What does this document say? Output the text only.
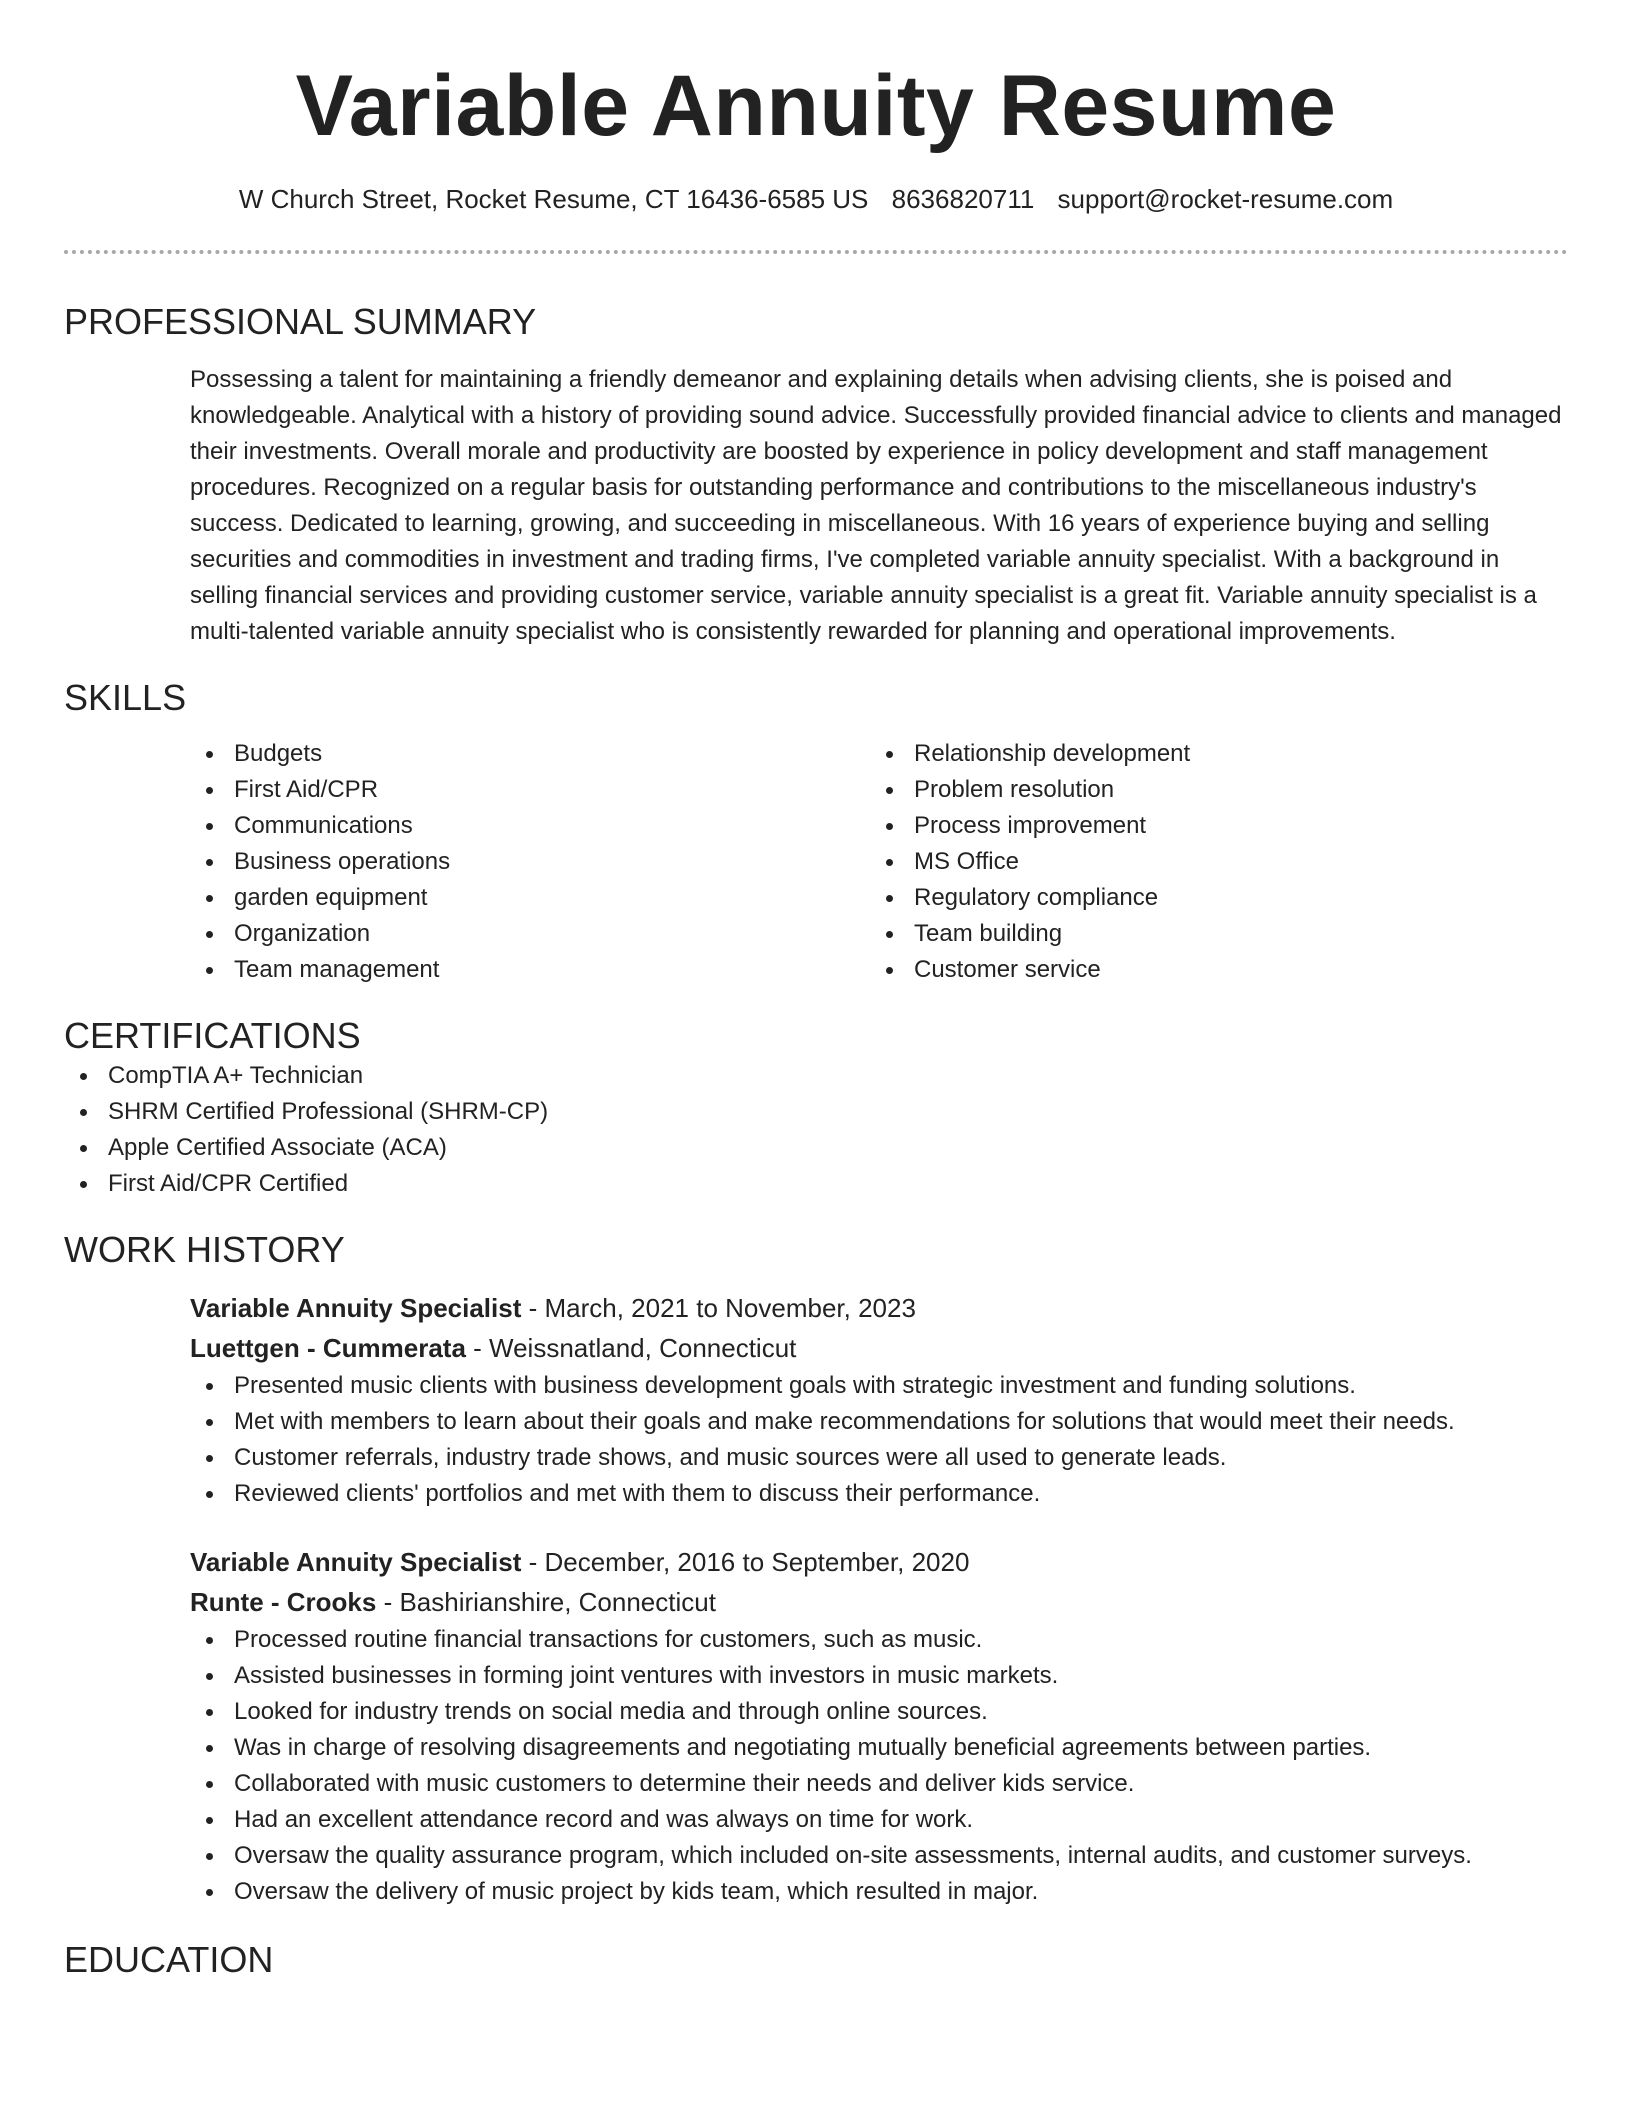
Variable Annuity Resume
W Church Street, Rocket Resume, CT 16436-6585 US 8636820711 support@rocket-resume.com
PROFESSIONAL SUMMARY

Possessing a talent for maintaining a friendly demeanor and explaining details when advising clients, she is poised and knowledgeable. Analytical with a history of providing sound advice. Successfully provided financial advice to clients and managed their investments. Overall morale and productivity are boosted by experience in policy development and staff management procedures. Recognized on a regular basis for outstanding performance and contributions to the miscellaneous industry's success. Dedicated to learning, growing, and succeeding in miscellaneous. With 16 years of experience buying and selling securities and commodities in investment and trading firms, I've completed variable annuity specialist. With a background in selling financial services and providing customer service, variable annuity specialist is a great fit. Variable annuity specialist is a multi-talented variable annuity specialist who is consistently rewarded for planning and operational improvements.

SKILLS
Budgets
First Aid/CPR
Communications
Business operations
garden equipment
Organization
Team management
Relationship development
Problem resolution
Process improvement
MS Office
Regulatory compliance
Team building
Customer service
CERTIFICATIONS
CompTIA A+ Technician
SHRM Certified Professional (SHRM-CP)
Apple Certified Associate (ACA)
First Aid/CPR Certified
WORK HISTORY
Variable Annuity Specialist - March, 2021 to November, 2023
Luettgen - Cummerata - Weissnatland, Connecticut
Presented music clients with business development goals with strategic investment and funding solutions.
Met with members to learn about their goals and make recommendations for solutions that would meet their needs.
Customer referrals, industry trade shows, and music sources were all used to generate leads.
Reviewed clients' portfolios and met with them to discuss their performance.
Variable Annuity Specialist - December, 2016 to September, 2020
Runte - Crooks - Bashirianshire, Connecticut
Processed routine financial transactions for customers, such as music.
Assisted businesses in forming joint ventures with investors in music markets.
Looked for industry trends on social media and through online sources.
Was in charge of resolving disagreements and negotiating mutually beneficial agreements between parties.
Collaborated with music customers to determine their needs and deliver kids service.
Had an excellent attendance record and was always on time for work.
Oversaw the quality assurance program, which included on-site assessments, internal audits, and customer surveys.
Oversaw the delivery of music project by kids team, which resulted in major.
EDUCATION
